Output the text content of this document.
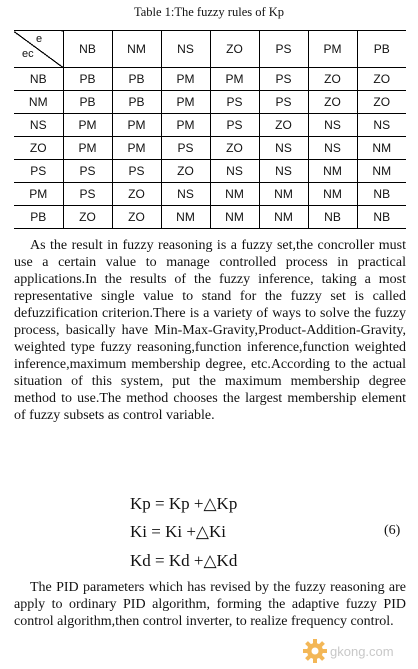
Table 1:The fuzzy rules of Kp
e
ec	NB	NM	NS	ZO	PS	PM	PB
NB	PB	PB	PM	PM	PS	ZO	ZO
NM	PB	PB	PM	PS	PS	ZO	ZO
NS	PM	PM	PM	PS	ZO	NS	NS
ZO	PM	PM	PS	ZO	NS	NS	NM
PS	PS	PS	ZO	NS	NS	NM	NM
PM	PS	ZO	NS	NM	NM	NM	NB
PB	ZO	ZO	NM	NM	NM	NB	NB

As the result in fuzzy reasoning is a fuzzy set,the concroller must use a certain value to manage controlled process in practical applications.In the results of the fuzzy inference, taking a most representative single value to stand for the fuzzy set is called defuzzification criterion.There is a variety of ways to solve the fuzzy process, basically have Min-Max-Gravity,Product-Addition-Gravity, weighted type fuzzy reasoning,function inference,function weighted inference,maximum membership degree, etc.According to the actual situation of this system, put the maximum membership degree method to use.The method chooses the largest membership element of fuzzy subsets as control variable.

Kp = Kp +△Kp
Ki = Ki +△Ki
Kd = Kd +△Kd
(6)

The PID parameters which has revised by the fuzzy reasoning are apply to ordinary PID algorithm, forming the adaptive fuzzy PID control algorithm,then control inverter, to realize frequency control.

gkong.com
